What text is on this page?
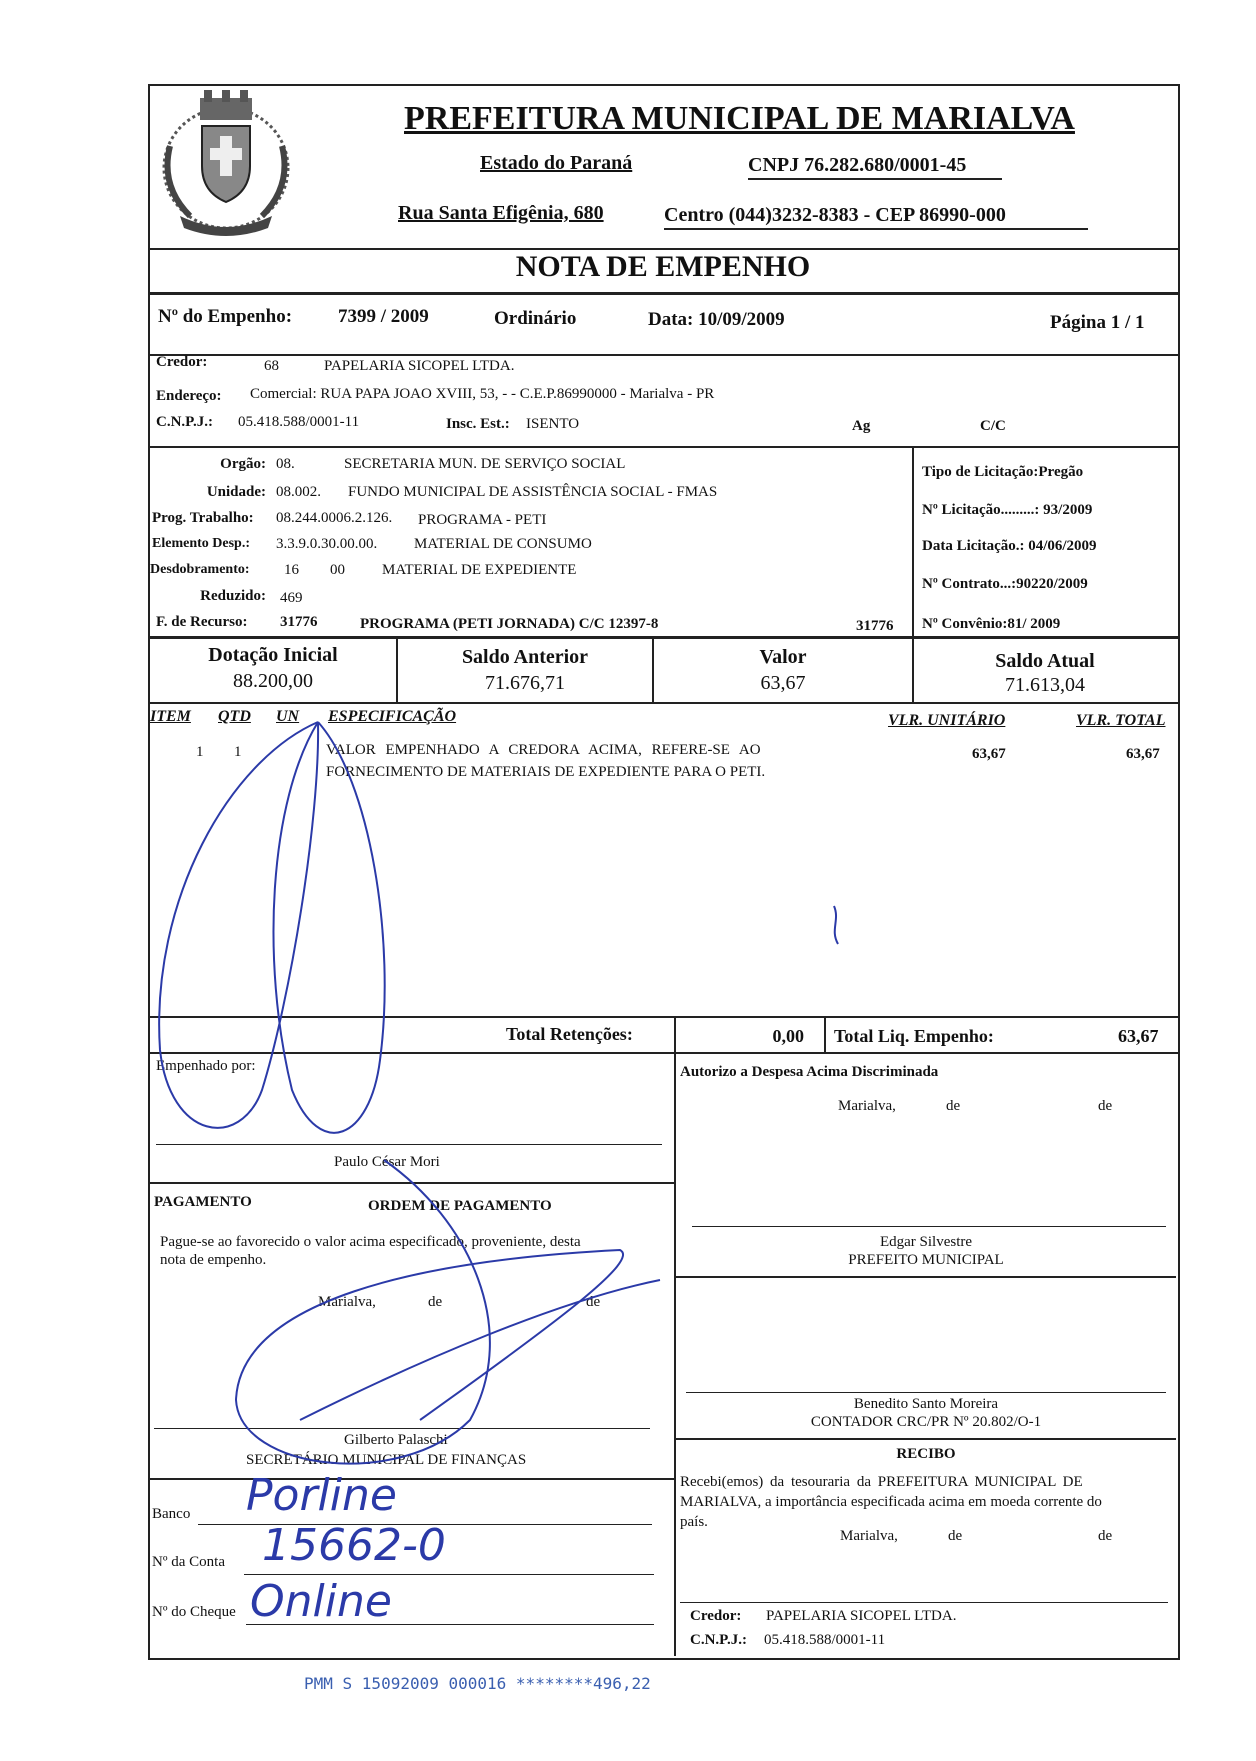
PREFEITURA MUNICIPAL DE MARIALVA
Estado do Paraná	CNPJ 76.282.680/0001-45
Rua Santa Efigênia, 680	Centro (044)3232-8383 - CEP 86990-000
NOTA DE EMPENHO
Nº do Empenho: 7399 / 2009	Ordinário	Data: 10/09/2009	Página 1 / 1
Credor:	68	PAPELARIA SICOPEL LTDA.
Endereço: Comercial: RUA PAPA JOAO XVIII, 53, - - C.E.P.86990000 - Marialva - PR
C.N.P.J.: 05.418.588/0001-11	Insc. Est.: ISENTO	Ag	C/C
Orgão: 08.	SECRETARIA MUN. DE SERVIÇO SOCIAL
Unidade: 08.002. FUNDO MUNICIPAL DE ASSISTÊNCIA SOCIAL - FMAS
Prog. Trabalho: 08.244.0006.2.126. PROGRAMA - PETI
Elemento Desp.: 3.3.9.0.30.00.00. MATERIAL DE CONSUMO
Desdobramento: 16 00 MATERIAL DE EXPEDIENTE
Reduzido: 469
F. de Recurso: 31776	PROGRAMA (PETI JORNADA) C/C 12397-8	31776
Tipo de Licitação:Pregão
Nº Licitação.........: 93/2009
Data Licitação.: 04/06/2009
Nº Contrato...:90220/2009
Nº Convênio:81/ 2009
Dotação Inicial
88.200,00
Saldo Anterior
71.676,71
Valor
63,67
Saldo Atual
71.613,04
ITEM QTD UN ESPECIFICAÇÃO	VLR. UNITÁRIO	VLR. TOTAL
1 1	VALOR EMPENHADO A CREDORA ACIMA, REFERE-SE AO
FORNECIMENTO DE MATERIAIS DE EXPEDIENTE PARA O PETI.
63,67	63,67
Total Retenções:	0,00 Total Liq. Empenho:	63,67
Empenhado por:
Paulo César Mori
Autorizo a Despesa Acima Discriminada
Marialva,	de	de
Edgar Silvestre
PREFEITO MUNICIPAL
Benedito Santo Moreira
CONTADOR CRC/PR Nº 20.802/O-1
PAGAMENTO	ORDEM DE PAGAMENTO
Pague-se ao favorecido o valor acima especificado, proveniente, desta
nota de empenho.
Marialva,	de	de
Gilberto Palaschi
SECRETÁRIO MUNICIPAL DE FINANÇAS	RECIBO
Recebi(emos) da tesouraria da PREFEITURA MUNICIPAL DE
MARIALVA, a importância especificada acima em moeda corrente do
país.
Marialva,	de	de
Credor: PAPELARIA SICOPEL LTDA.
C.N.P.J.: 05.418.588/0001-11
Banco Porline
Nº da Conta 15662-0
Nº do Cheque Online
PMM S 15092009 000016 ********496,22
